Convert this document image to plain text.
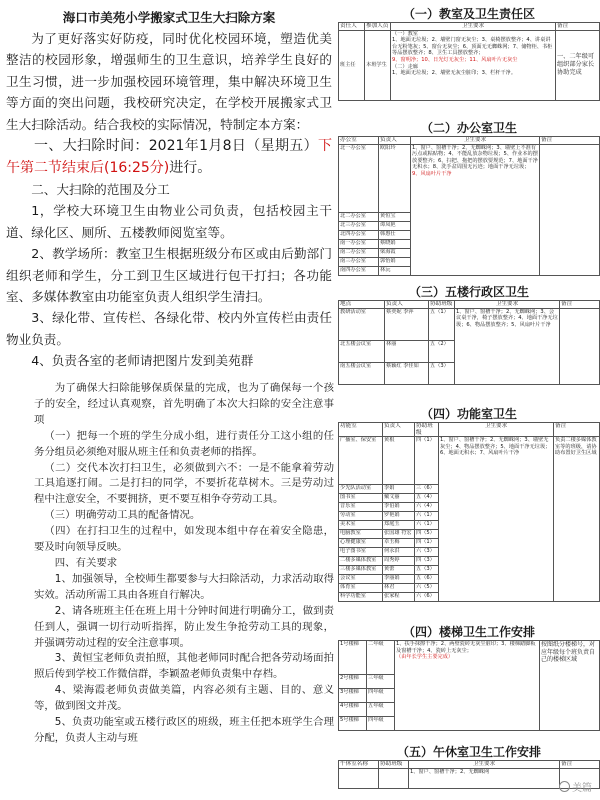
海口市美苑小学搬家式卫生大扫除方案

为了更好落实好防疫，同时优化校园环境，塑造优美整洁的校园形象，增强师生的卫生意识，培养学生良好的卫生习惯，进一步加强校园环境管理，集中解决环境卫生等方面的突出问题，我校研究决定，在学校开展搬家式卫生大扫除活动。结合我校的实际情况，特制定本方案：

一、大扫除时间：2021年1月8日（星期五）下午第二节结束后(16:25分)进行。

二、大扫除的范围及分工

1，学校大环境卫生由物业公司负责，包括校园主干道、绿化区、厕所、五楼教师阅览室等。

2、教学场所：教室卫生根据班级分布区或由后勤部门组织老师和学生，分工到卫生区域进行包干打扫；各功能室、多媒体教室由功能室负责人组织学生清扫。

3、绿化带、宣传栏、各绿化带、校内外宣传栏由责任物业负责。

4、负责各室的老师请把图片发到美苑群

为了确保大扫除能够保质保量的完成，也为了确保每一个孩子的安全，经过认真观察，首先明确了本次大扫除的安全注意事项

（一）把每一个班的学生分成小组，进行责任分工这小组的任务分组员必须绝对服从班主任和负责老师的指挥。

（二）交代本次打扫卫生，必须做到六不：一是不能拿着劳动工具追逐打闹。二是打扫的同学，不要折花草树木。三是劳动过程中注意安全，不要拥挤，更不要互相争夺劳动工具。

（三）明确劳动工具的配备情况。

（四）在打扫卫生的过程中，如发现本组中存在着安全隐患，要及时向领导反映。

四、有关要求

1、加强领导，全校师生都要参与大扫除活动，力求活动取得实效。活动所需工具由各班自行解决。

2、请各班班主任在班上用十分钟时间进行明确分工，做到责任到人，强调一切行动听指挥，防止发生争抢劳动工具的现象，并强调劳动过程的安全注意事项。

3、黄恒宝老师负责拍照，其他老师同时配合把各劳动场面拍照后传到学校工作微信群，李颖盈老师负责集中存档。

4、梁海霞老师负责做美篇，内容必须有主题、目的、意义等，做到图文并茂。

5、负责功能室或五楼行政区的班级，班主任把本班学生合理分配，负责人主动与班

（一）教室及卫生责任区
责任人	参加人员	卫生要求	备注
班主任	本班学生	（一）教室
1、地面无垃圾；2、墙壁门窗无灰尘；3、桌椅摆放整齐；4、讲桌讲台无粉笔灰；5、窗台无灰尘；6、顶面无无蜘蛛网；7、储物柜、书柜等品摆放整齐；8、卫生工具摆放整齐；
9、窗明净；10、日光灯无灰尘；11、风扇叶片无灰尘
（二）走廊
1、地面无垃圾；2、墙壁无灰尘脏印；3、栏杆干净。	一、二年级可组织部分家长协助完成
（二）办公室卫生
办公室	负责人	卫生要求	备注
北一办公室	欧阳玲	1、窗户、窗槽干净；2、无蜘蛛网；3、墙壁上不准有污点或粘贴物；4、不能乱放杂物垃圾；5、作业本的摆放要整齐；6、扫把、拖把的摆放要规范；7、地面干净无积水；8、洗手盆周围无污迹；地面干净无垃圾；
9、风扇叶片干净	

北二办公室	黄恒宝		
北三办公室	谭凤艳		
北四办公室	韩惠仕		
南一办公室	蔡晓娟		
南二办公室	梁海霞		
南三办公室	郭怡娟		
南四办公室	林沅		
（三）五楼行政区卫生
地点	负责人	协助班级	卫生要求	备注
教研活动室	蔡奕妮 李萍	五（1）	1、窗户、窗槽干净；2、无蜘蛛网；3、会议桌干净，椅子摆放整齐；4、地面干净无垃圾；6、物品摆放整齐；5、风扇叶片干净	
北五楼会议室	林丽	五（2）		
南五楼会议室	蔡颖红 李佳如	五（3）		
（四）功能室卫生
功能室	负责人	协助班级	卫生要求	备注
广播室、保安室	黄根	四（1）	1、窗户、窗槽干净；2、无蜘蛛网；3、墙壁无灰尘；4、物品摆放整齐；5、地面干净无垃圾；6、地面无积水；7、风扇叶片干净	负责二楼多媒体教室等的班级，请协助布置好卫生区域
少先队活动室	李娟	三（6）		
图书室	戴文丽	五（4）		
音乐室	李伯娟	六（4）		
劳动室	罗艳娟	六（1）		
美术室	郑庭玉	六（1）		
电脑教室	张国雄 符宏	四（5）		
心理健康室	卓玉梅	四（1）		
电子图书室	何永洪	六（3）		
二楼多媒体教室	周秀婷	四（3）		
三楼多媒体教室	黄蕾	五（3）		
会议室	李丽娟	五（6）		
体育室	林君	六（5）		
科学功能室	张家程	六（6）		
（四）楼梯卫生工作安排
1号楼梯	二年级	1、扶手抹擦干净；2、两壁瓷砖无灰尘脏印；3、楼梯踏脚板及窗槽干净；4、瓷砖上无灰尘；
（由年长学生主要完成）	按图纸分楼梯号，对应年级每个班负责自己的楼梯区域
2号楼梯	三年级		
3号楼梯	四年级		
4号楼梯	五年级		
5号楼梯	四年级		
（五）午休室卫生工作安排
午休室名称	协助班级	卫生要求	备注
		1、窗户、窗槽干净；2、无蜘蛛网	
美篇
